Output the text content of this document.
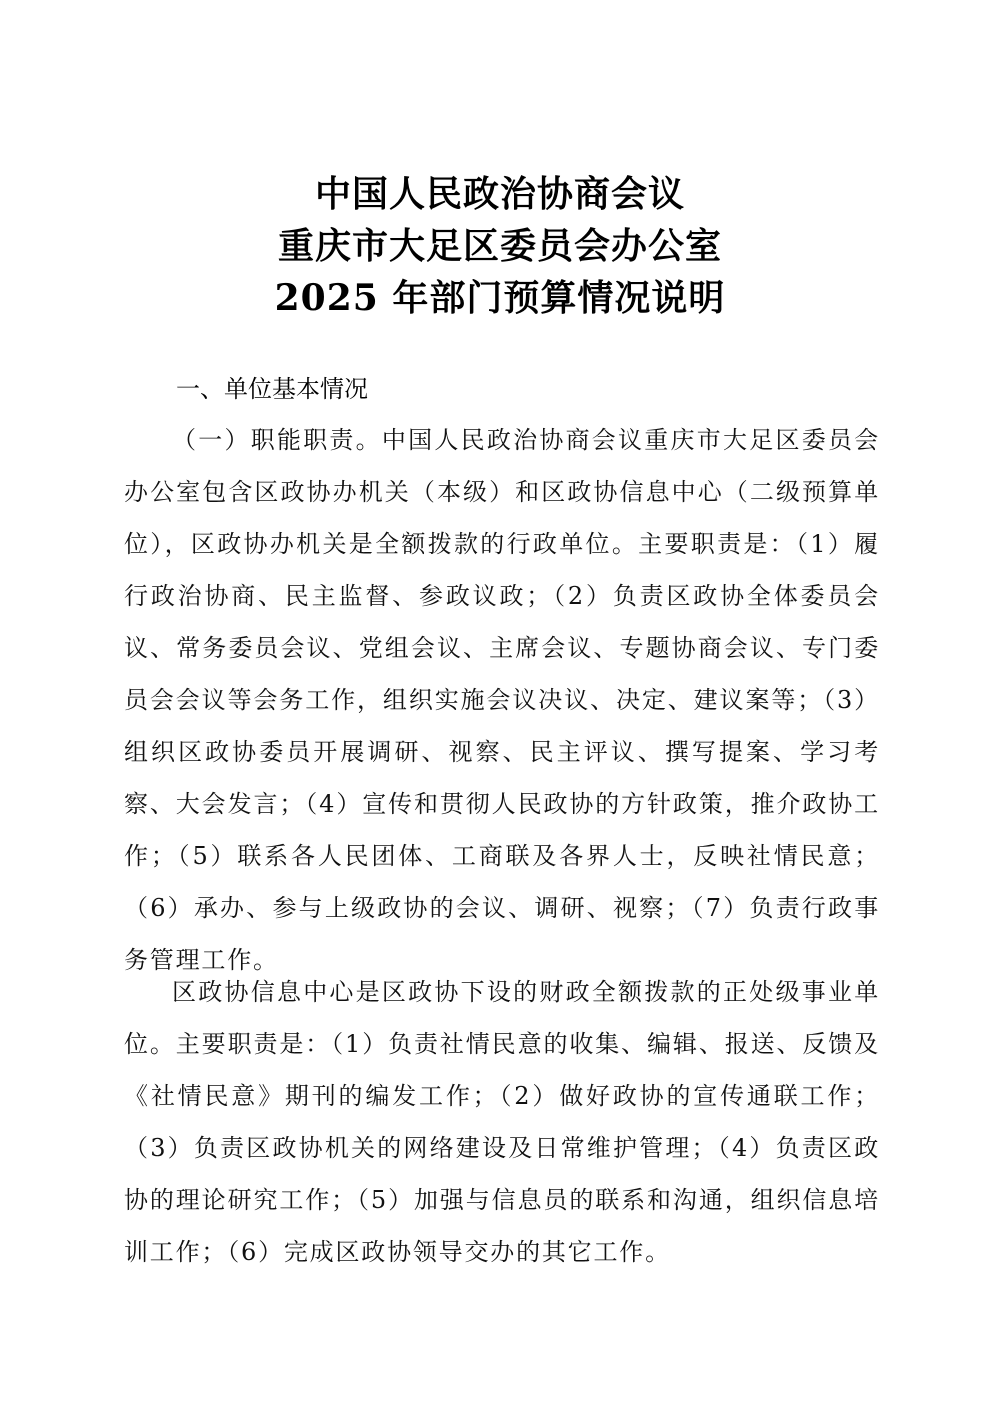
中国人民政治协商会议
重庆市大足区委员会办公室
2025 年部门预算情况说明
一、单位基本情况

（一）职能职责。中国人民政治协商会议重庆市大足区委员会办公室包含区政协办机关（本级）和区政协信息中心（二级预算单位），区政协办机关是全额拨款的行政单位。主要职责是：（1）履行政治协商、民主监督、参政议政；（2）负责区政协全体委员会议、常务委员会议、党组会议、主席会议、专题协商会议、专门委员会会议等会务工作，组织实施会议决议、决定、建议案等；（3）组织区政协委员开展调研、视察、民主评议、撰写提案、学习考察、大会发言；（4）宣传和贯彻人民政协的方针政策，推介政协工作；（5）联系各人民团体、工商联及各界人士，反映社情民意；（6）承办、参与上级政协的会议、调研、视察；（7）负责行政事务管理工作。

区政协信息中心是区政协下设的财政全额拨款的正处级事业单位。主要职责是：（1）负责社情民意的收集、编辑、报送、反馈及《社情民意》期刊的编发工作；（2）做好政协的宣传通联工作；（3）负责区政协机关的网络建设及日常维护管理；（4）负责区政协的理论研究工作；（5）加强与信息员的联系和沟通，组织信息培训工作；（6）完成区政协领导交办的其它工作。
